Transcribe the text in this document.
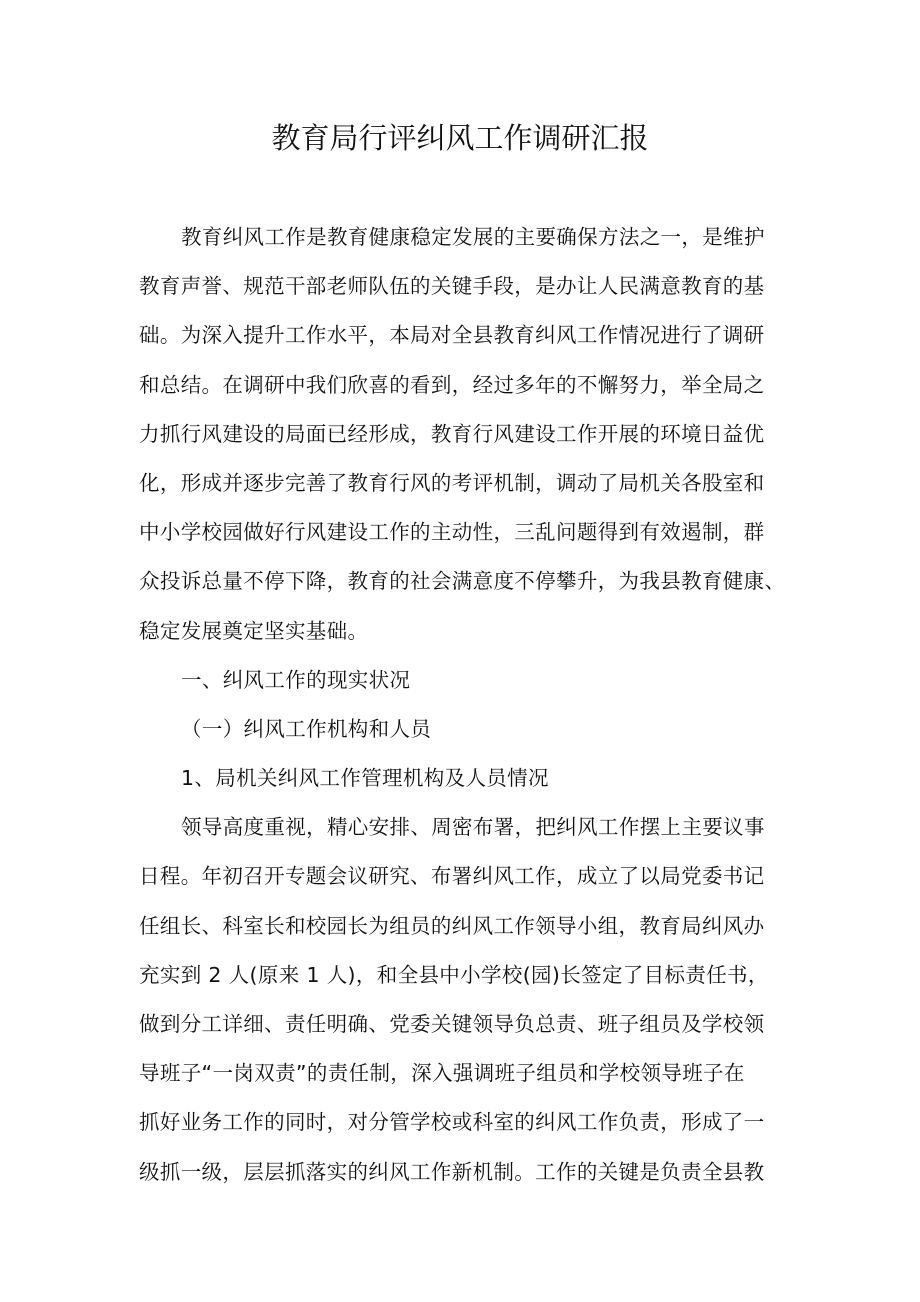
教育局行评纠风工作调研汇报
教育纠风工作是教育健康稳定发展的主要确保方法之一，是维护
教育声誉、规范干部老师队伍的关键手段，是办让人民满意教育的基
础。为深入提升工作水平，本局对全县教育纠风工作情况进行了调研
和总结。在调研中我们欣喜的看到，经过多年的不懈努力，举全局之
力抓行风建设的局面已经形成，教育行风建设工作开展的环境日益优
化，形成并逐步完善了教育行风的考评机制，调动了局机关各股室和
中小学校园做好行风建设工作的主动性，三乱问题得到有效遏制，群
众投诉总量不停下降，教育的社会满意度不停攀升，为我县教育健康、
稳定发展奠定坚实基础。
一、纠风工作的现实状况
（一）纠风工作机构和人员
1、局机关纠风工作管理机构及人员情况
领导高度重视，精心安排、周密布署，把纠风工作摆上主要议事
日程。年初召开专题会议研究、布署纠风工作，成立了以局党委书记
任组长、科室长和校园长为组员的纠风工作领导小组，教育局纠风办
充实到 2 人(原来 1 人)，和全县中小学校(园)长签定了目标责任书，
做到分工详细、责任明确、党委关键领导负总责、班子组员及学校领
导班子“一岗双责”的责任制，深入强调班子组员和学校领导班子在
抓好业务工作的同时，对分管学校或科室的纠风工作负责，形成了一
级抓一级，层层抓落实的纠风工作新机制。工作的关键是负责全县教
